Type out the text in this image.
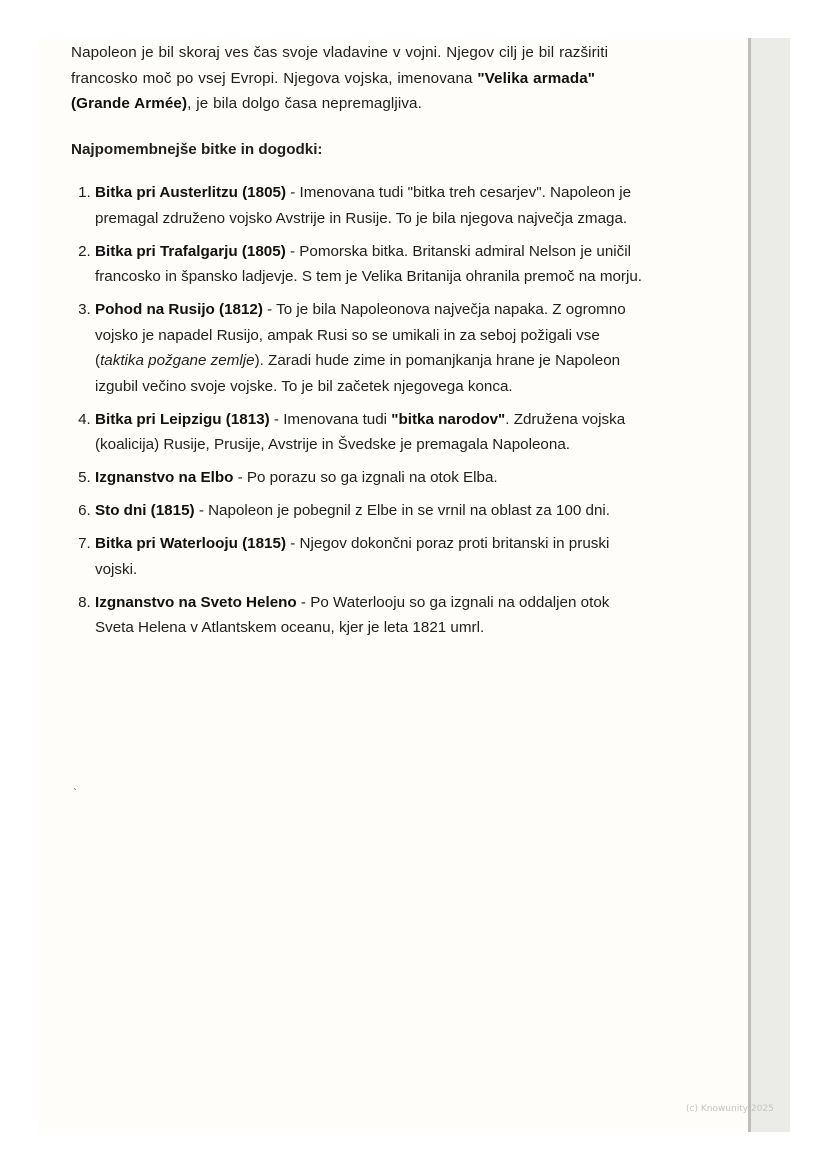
Napoleon je bil skoraj ves čas svoje vladavine v vojni. Njegov cilj je bil razširiti francosko moč po vsej Evropi. Njegova vojska, imenovana "Velika armada" (Grande Armée), je bila dolgo časa nepremagljiva.

Najpomembnejše bitke in dogodki:

1. Bitka pri Austerlitzu (1805) - Imenovana tudi "bitka treh cesarjev". Napoleon je premagal združeno vojsko Avstrije in Rusije. To je bila njegova največja zmaga.
2. Bitka pri Trafalgarju (1805) - Pomorska bitka. Britanski admiral Nelson je uničil francosko in špansko ladjevje. S tem je Velika Britanija ohranila premoč na morju.
3. Pohod na Rusijo (1812) - To je bila Napoleonova največja napaka. Z ogromno vojsko je napadel Rusijo, ampak Rusi so se umikali in za seboj požigali vse (taktika požgane zemlje). Zaradi hude zime in pomanjkanja hrane je Napoleon izgubil večino svoje vojske. To je bil začetek njegovega konca.
4. Bitka pri Leipzigu (1813) - Imenovana tudi "bitka narodov". Združena vojska (koalicija) Rusije, Prusije, Avstrije in Švedske je premagala Napoleona.
5. Izgnanstvo na Elbo - Po porazu so ga izgnali na otok Elba.
6. Sto dni (1815) - Napoleon je pobegnil z Elbe in se vrnil na oblast za 100 dni.
7. Bitka pri Waterlooju (1815) - Njegov dokončni poraz proti britanski in pruski vojski.
8. Izgnanstvo na Sveto Heleno - Po Waterlooju so ga izgnali na oddaljen otok Sveta Helena v Atlantskem oceanu, kjer je leta 1821 umrl.
`
(c) Knowunity 2025
